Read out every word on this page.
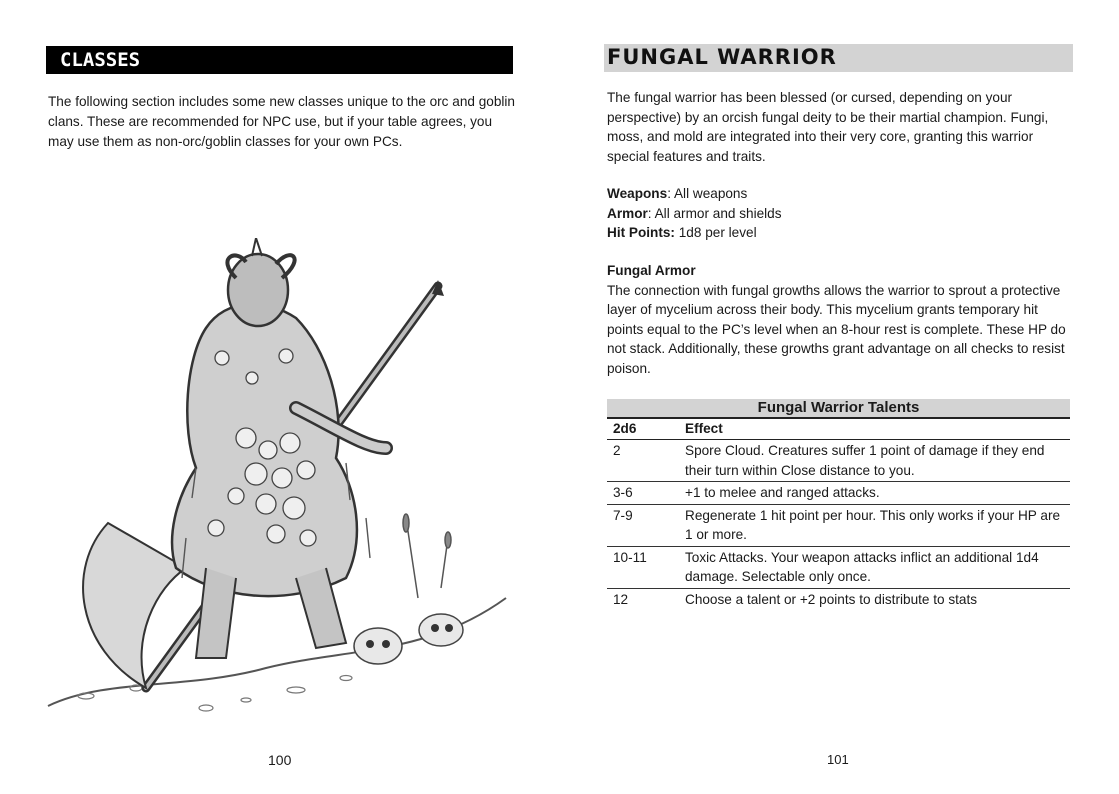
CLASSES

The following section includes some new classes unique to the orc and goblin clans. These are recommended for NPC use, but if your table agrees, you may use them as non-orc/goblin classes for your own PCs.

100
FUNGAL WARRIOR

The fungal warrior has been blessed (or cursed, depending on your perspective) by an orcish fungal deity to be their martial champion. Fungi, moss, and mold are integrated into their very core, granting this warrior special features and traits.

Weapons: All weapons
Armor: All armor and shields
Hit Points: 1d8 per level
Fungal Armor
The connection with fungal growths allows the warrior to sprout a protective layer of mycelium across their body. This mycelium grants temporary hit points equal to the PC’s level when an 8-hour rest is complete. These HP do not stack. Additionally, these growths grant advantage on all checks to resist poison.
Fungal Warrior Talents
2d6	Effect
2	Spore Cloud. Creatures suffer 1 point of damage if they end their turn within Close distance to you.
3-6	+1 to melee and ranged attacks.
7-9	Regenerate 1 hit point per hour. This only works if your HP are 1 or more.
10-11	Toxic Attacks. Your weapon attacks inflict an additional 1d4 damage. Selectable only once.
12	Choose a talent or +2 points to distribute to stats
101
